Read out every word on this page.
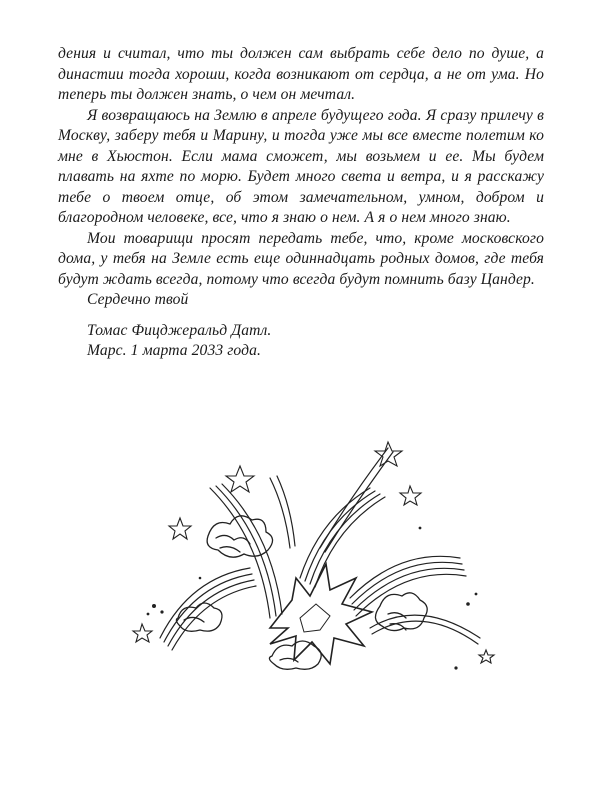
дения и считал, что ты должен сам выбрать себе дело по душе, а династии тогда хороши, когда возникают от сердца, а не от ума. Но теперь ты должен знать, о чем он мечтал.

Я возвращаюсь на Землю в апреле будущего года. Я сразу прилечу в Москву, заберу тебя и Марину, и тогда уже мы все вместе полетим ко мне в Хьюстон. Если мама сможет, мы возьмем и ее. Мы будем плавать на яхте по морю. Будет много света и ветра, и я расскажу тебе о твоем отце, об этом замечательном, умном, добром и благородном человеке, все, что я знаю о нем. А я о нем много знаю.

Мои товарищи просят передать тебе, что, кроме московского дома, у тебя на Земле есть еще одиннадцать родных домов, где тебя будут ждать всегда, потому что всегда будут помнить базу Цандер.

Сердечно твой

Томас Фицджеральд Датл.

Марс. 1 марта 2033 года.
